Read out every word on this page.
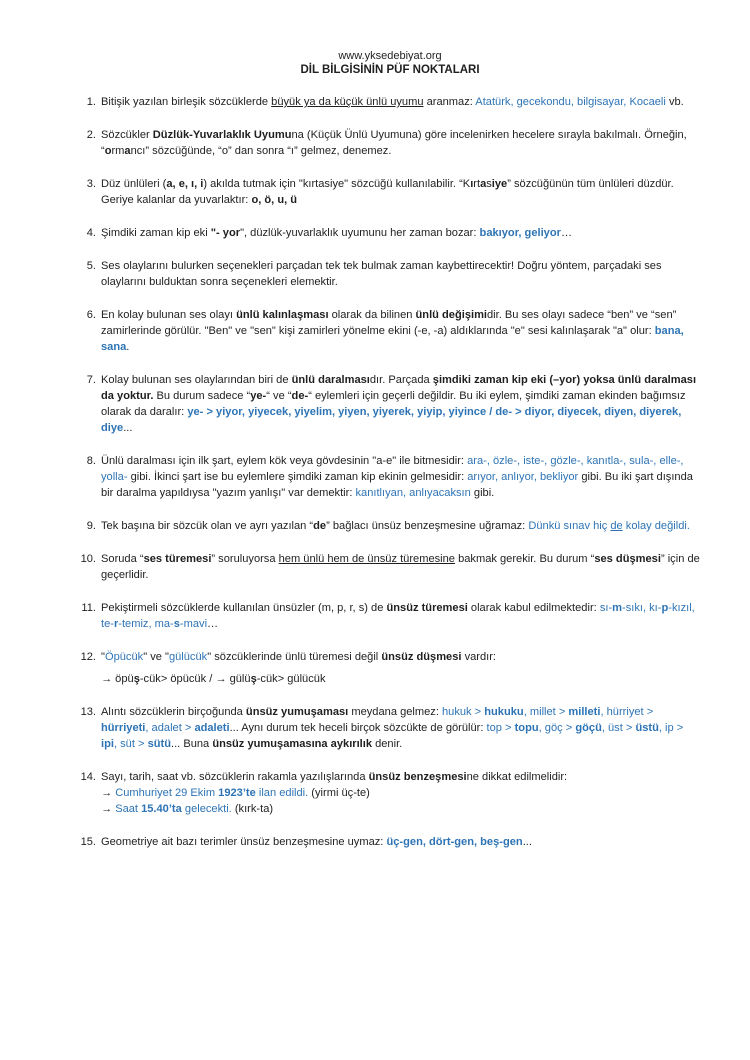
www.yksedebiyat.org
DİL BİLGİSİNİN PÜF NOKTALARI
1. Bitişik yazılan birleşik sözcüklerde büyük ya da küçük ünlü uyumu aranmaz: Atatürk, gecekondu, bilgisayar, Kocaeli vb.
2. Sözcükler Düzlük-Yuvarlaklık Uyumuna (Küçük Ünlü Uyumuna) göre incelenirken hecelere sırayla bakılmalı. Örneğin, “ormancı” sözcüğünde, “o” dan sonra “ı” gelmez, denemez.
3. Düz ünlüleri (a, e, ı, i) akılda tutmak için "kırtasiye" sözcüğü kullanılabilir. “Kırtasiye” sözcüğünün tüm ünlüleri düzdür. Geriye kalanlar da yuvarlaktır: o, ö, u, ü
4. Şimdiki zaman kip eki "- yor", düzlük-yuvarlaklık uyumunu her zaman bozar: bakıyor, geliyor…
5. Ses olaylarını bulurken seçenekleri parçadan tek tek bulmak zaman kaybettirecektir! Doğru yöntem, parçadaki ses olaylarını bulduktan sonra seçenekleri elemektir.
6. En kolay bulunan ses olayı ünlü kalınlaşması olarak da bilinen ünlü değişimidir. Bu ses olayı sadece “ben” ve “sen” zamirlerinde görülür. "Ben" ve "sen" kişi zamirleri yönelme ekini (-e, -a) aldıklarında "e" sesi kalınlaşarak "a" olur: bana, sana.
7. Kolay bulunan ses olaylarından biri de ünlü daralmasıdır. Parçada şimdiki zaman kip eki (–yor) yoksa ünlü daralması da yoktur. Bu durum sadece “ye-“ ve “de-“ eylemleri için geçerli değildir. Bu iki eylem, şimdiki zaman ekinden bağımsız olarak da daralır: ye- > yiyor, yiyecek, yiyelim, yiyen, yiyerek, yiyip, yiyince / de- > diyor, diyecek, diyen, diyerek, diye...
8. Ünlü daralması için ilk şart, eylem kök veya gövdesinin "a-e" ile bitmesidir: ara-, özle-, iste-, gözle-, kanıtla-, sula-, elle-, yolla- gibi. İkinci şart ise bu eylemlere şimdiki zaman kip ekinin gelmesidir: arıyor, anlıyor, bekliyor gibi. Bu iki şart dışında bir daralma yapıldıysa "yazım yanlışı" var demektir: kanıtlıyan, anlıyacaksın gibi.
9. Tek başına bir sözcük olan ve ayrı yazılan “de” bağlacı ünsüz benzeşmesine uğramaz: Dünkü sınav hiç de kolay değildi.
10. Soruda “ses türemesi” soruluyorsa hem ünlü hem de ünsüz türemesine bakmak gerekir. Bu durum “ses düşmesi” için de geçerlidir.
11. Pekiştirmeli sözcüklerde kullanılan ünsüzler (m, p, r, s) de ünsüz türemesi olarak kabul edilmektedir: sı-m-sıkı, kı-p-kızıl, te-r-temiz, ma-s-mavi…
12. "Öpücük" ve "gülücük" sözcüklerinde ünlü türemesi değil ünsüz düşmesi vardır:
→ öpüş-cük> öpücük / → gülüş-cük> gülücük
13. Alıntı sözcüklerin birçoğunda ünsüz yumuşaması meydana gelmez: hukuk > hukuku, millet > milleti, hürriyet > hürriyeti, adalet > adaleti... Aynı durum tek heceli birçok sözcükte de görülür: top > topu, göç > göçü, üst > üstü, ip > ipi, süt > sütü... Buna ünsüz yumuşamasına aykırılık denir.
14. Sayı, tarih, saat vb. sözcüklerin rakamla yazılışlarında ünsüz benzeşmesine dikkat edilmelidir:
→ Cumhuriyet 29 Ekim 1923’te ilan edildi. (yirmi üç-te)
→ Saat 15.40’ta gelecekti. (kırk-ta)
15. Geometriye ait bazı terimler ünsüz benzeşmesine uymaz: üç-gen, dört-gen, beş-gen...
